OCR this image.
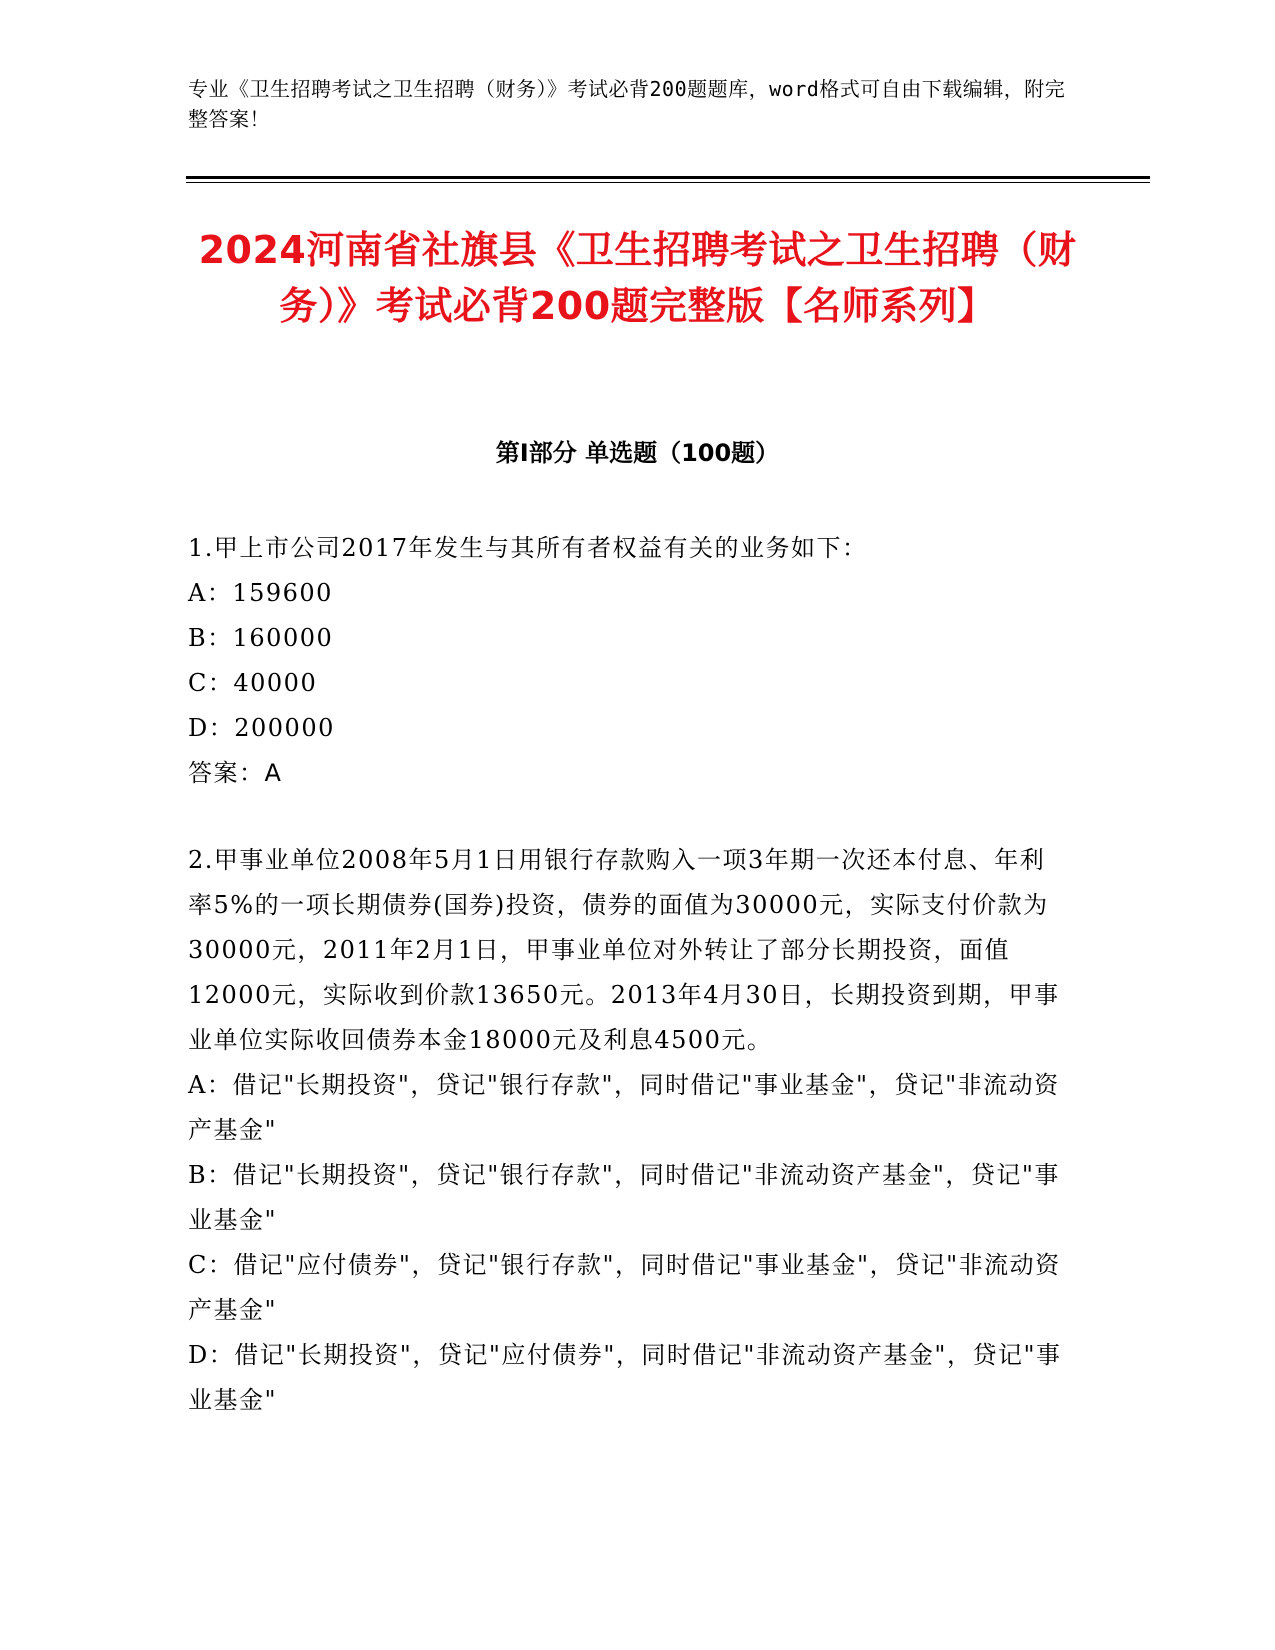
专业《卫生招聘考试之卫生招聘（财务）》考试必背200题题库，word格式可自由下载编辑，附完整答案！
2024河南省社旗县《卫生招聘考试之卫生招聘（财务）》考试必背200题完整版【名师系列】
第I部分 单选题（100题）

1.甲上市公司2017年发生与其所有者权益有关的业务如下：

A：159600

B：160000

C：40000

D：200000

答案：A

2.甲事业单位2008年5月1日用银行存款购入一项3年期一次还本付息、年利率5%的一项长期债券(国券)投资，债券的面值为30000元，实际支付价款为30000元，2011年2月1日，甲事业单位对外转让了部分长期投资，面值12000元，实际收到价款13650元。2013年4月30日，长期投资到期，甲事业单位实际收回债券本金18000元及利息4500元。

A：借记"长期投资"，贷记"银行存款"，同时借记"事业基金"，贷记"非流动资产基金"

B：借记"长期投资"，贷记"银行存款"，同时借记"非流动资产基金"，贷记"事业基金"

C：借记"应付债券"，贷记"银行存款"，同时借记"事业基金"，贷记"非流动资产基金"

D：借记"长期投资"，贷记"应付债券"，同时借记"非流动资产基金"，贷记"事业基金"
